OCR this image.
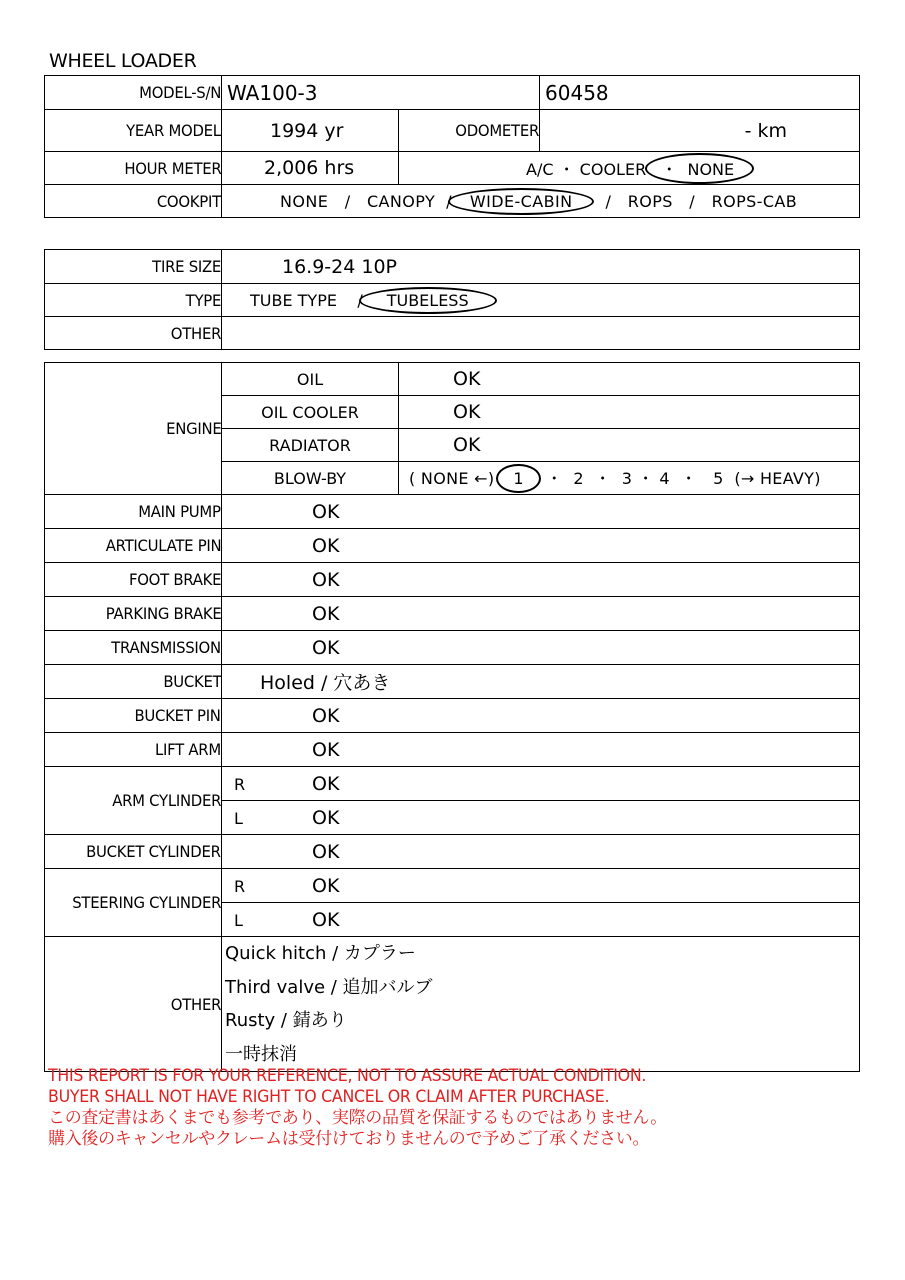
WHEEL LOADER
MODEL-S/N	WA100-3		60458
YEAR MODEL	1994 yr	ODOMETER	- km
HOUR METER	2,006 hrs	A/C ・ COOLER ・ NONE	
COOKPIT	NONE / CANOPY / WIDE-CABIN / ROPS / ROPS-CAB		
TIRE SIZE	16.9-24 10P
TYPE	TUBE TYPE / TUBELESS
OTHER	
ENGINE	OIL	OK
	OIL COOLER	OK
	RADIATOR	OK
	BLOW-BY	( NONE ←) 1 ・ 2 ・ 3 ・ 4 ・ 5 (→ HEAVY)
MAIN PUMP	OK	
ARTICULATE PIN	OK	
FOOT BRAKE	OK	
PARKING BRAKE	OK	
TRANSMISSION	OK	
BUCKET	Holed / 穴あき	
BUCKET PIN	OK	
LIFT ARM	OK	
ARM CYLINDER	R OK	
	L OK	
BUCKET CYLINDER	OK	
STEERING CYLINDER	R OK	
	L OK	
OTHER	Quick hitch / カプラー
Third valve / 追加バルブ
Rusty / 錆あり
一時抹消	
THIS REPORT IS FOR YOUR REFERENCE, NOT TO ASSURE ACTUAL CONDITION.
BUYER SHALL NOT HAVE RIGHT TO CANCEL OR CLAIM AFTER PURCHASE.
この査定書はあくまでも参考であり、実際の品質を保証するものではありません。
購入後のキャンセルやクレームは受付けておりませんので予めご了承ください。
